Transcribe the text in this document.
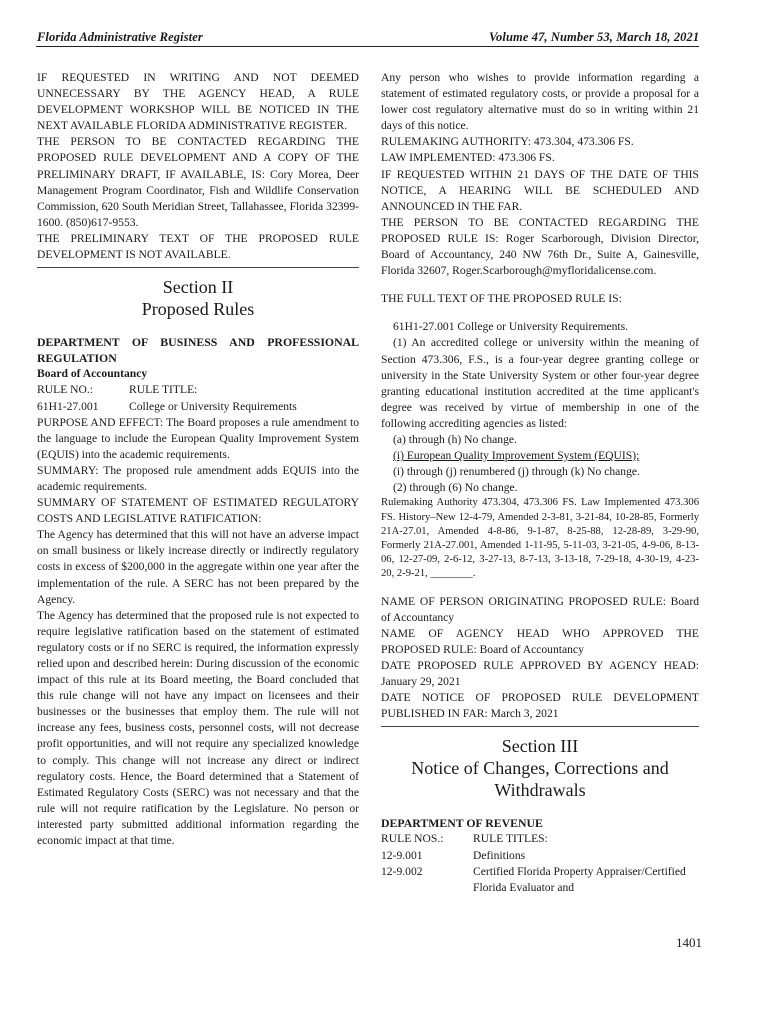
Florida Administrative Register	Volume 47, Number 53, March 18, 2021

IF REQUESTED IN WRITING AND NOT DEEMED UNNECESSARY BY THE AGENCY HEAD, A RULE DEVELOPMENT WORKSHOP WILL BE NOTICED IN THE NEXT AVAILABLE FLORIDA ADMINISTRATIVE REGISTER.

THE PERSON TO BE CONTACTED REGARDING THE PROPOSED RULE DEVELOPMENT AND A COPY OF THE PRELIMINARY DRAFT, IF AVAILABLE, IS: Cory Morea, Deer Management Program Coordinator, Fish and Wildlife Conservation Commission, 620 South Meridian Street, Tallahassee, Florida 32399-1600. (850)617-9553.

THE PRELIMINARY TEXT OF THE PROPOSED RULE DEVELOPMENT IS NOT AVAILABLE.

Section II
Proposed Rules

DEPARTMENT OF BUSINESS AND PROFESSIONAL REGULATION

Board of Accountancy

RULE NO.:	RULE TITLE:
61H1-27.001	College or University Requirements

PURPOSE AND EFFECT: The Board proposes a rule amendment to the language to include the European Quality Improvement System (EQUIS) into the academic requirements.

SUMMARY: The proposed rule amendment adds EQUIS into the academic requirements.

SUMMARY OF STATEMENT OF ESTIMATED REGULATORY COSTS AND LEGISLATIVE RATIFICATION:

The Agency has determined that this will not have an adverse impact on small business or likely increase directly or indirectly regulatory costs in excess of $200,000 in the aggregate within one year after the implementation of the rule. A SERC has not been prepared by the Agency.

The Agency has determined that the proposed rule is not expected to require legislative ratification based on the statement of estimated regulatory costs or if no SERC is required, the information expressly relied upon and described herein: During discussion of the economic impact of this rule at its Board meeting, the Board concluded that this rule change will not have any impact on licensees and their businesses or the businesses that employ them. The rule will not increase any fees, business costs, personnel costs, will not decrease profit opportunities, and will not require any specialized knowledge to comply. This change will not increase any direct or indirect regulatory costs. Hence, the Board determined that a Statement of Estimated Regulatory Costs (SERC) was not necessary and that the rule will not require ratification by the Legislature. No person or interested party submitted additional information regarding the economic impact at that time.

Any person who wishes to provide information regarding a statement of estimated regulatory costs, or provide a proposal for a lower cost regulatory alternative must do so in writing within 21 days of this notice.

RULEMAKING AUTHORITY: 473.304, 473.306 FS.

LAW IMPLEMENTED: 473.306 FS.

IF REQUESTED WITHIN 21 DAYS OF THE DATE OF THIS NOTICE, A HEARING WILL BE SCHEDULED AND ANNOUNCED IN THE FAR.

THE PERSON TO BE CONTACTED REGARDING THE PROPOSED RULE IS: Roger Scarborough, Division Director, Board of Accountancy, 240 NW 76th Dr., Suite A, Gainesville, Florida 32607, Roger.Scarborough@myfloridalicense.com.

THE FULL TEXT OF THE PROPOSED RULE IS:

61H1-27.001 College or University Requirements.

(1) An accredited college or university within the meaning of Section 473.306, F.S., is a four-year degree granting college or university in the State University System or other four-year degree granting educational institution accredited at the time applicant's degree was received by virtue of membership in one of the following accrediting agencies as listed:

(a) through (h) No change.

(i) European Quality Improvement System (EQUIS);

(i) through (j) renumbered (j) through (k) No change.

(2) through (6) No change.

Rulemaking Authority 473.304, 473.306 FS. Law Implemented 473.306 FS. History–New 12-4-79, Amended 2-3-81, 3-21-84, 10-28-85, Formerly 21A-27.01, Amended 4-8-86, 9-1-87, 8-25-88, 12-28-89, 3-29-90, Formerly 21A-27.001, Amended 1-11-95, 5-11-03, 3-21-05, 4-9-06, 8-13-06, 12-27-09, 2-6-12, 3-27-13, 8-7-13, 3-13-18, 7-29-18, 4-30-19, 4-23-20, 2-9-21, ________.

NAME OF PERSON ORIGINATING PROPOSED RULE: Board of Accountancy

NAME OF AGENCY HEAD WHO APPROVED THE PROPOSED RULE: Board of Accountancy

DATE PROPOSED RULE APPROVED BY AGENCY HEAD: January 29, 2021

DATE NOTICE OF PROPOSED RULE DEVELOPMENT PUBLISHED IN FAR: March 3, 2021

Section III
Notice of Changes, Corrections and
Withdrawals

DEPARTMENT OF REVENUE

RULE NOS.:	RULE TITLES:
12-9.001	Definitions
12-9.002	Certified Florida Property Appraiser/Certified Florida Evaluator and
1401
